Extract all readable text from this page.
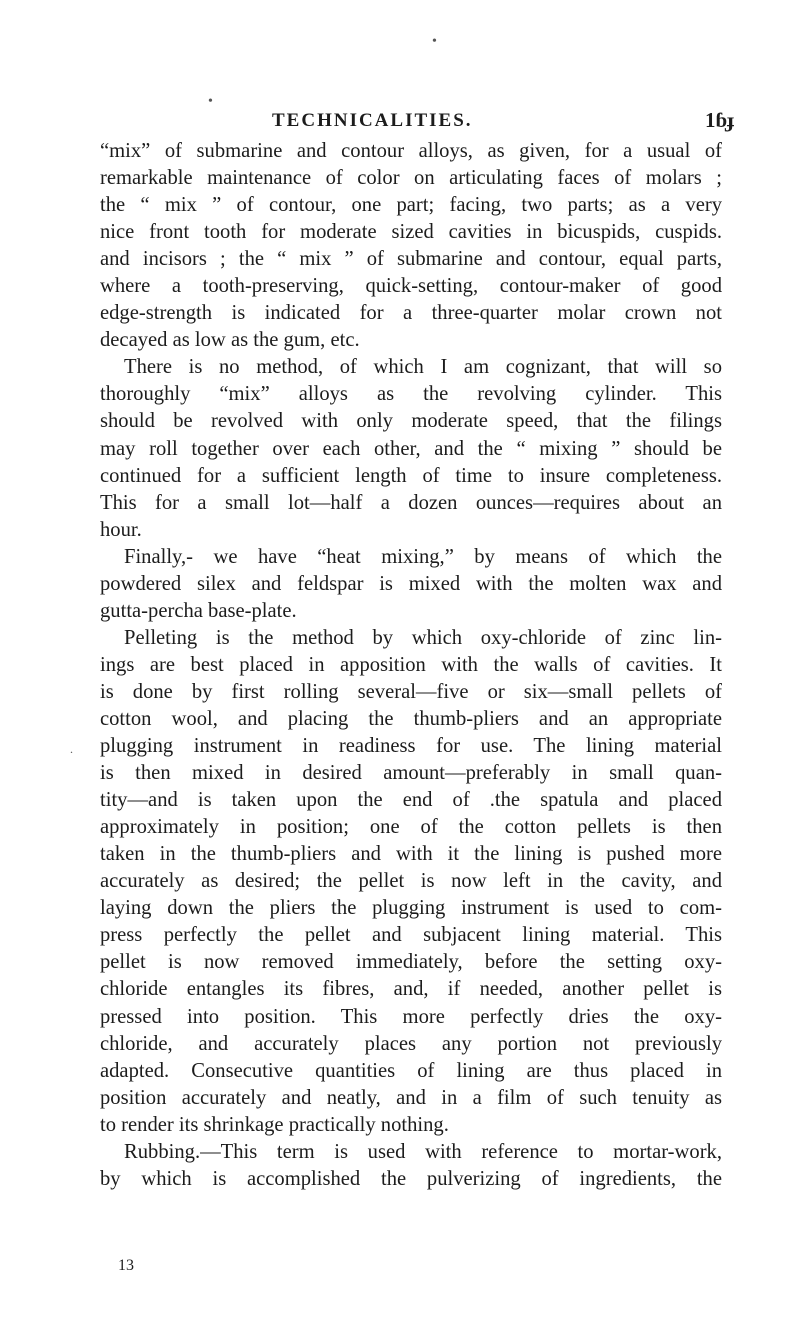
•
•
TECHNICALITIES.	1ɓɟ
“mix” of submarine and contour alloys, as given, for a usual of
remarkable maintenance of color on articulating faces of molars ;
the “ mix ” of contour, one part; facing, two parts; as a very
nice front tooth for moderate sized cavities in bicuspids, cuspids.
and incisors ; the “ mix ” of submarine and contour, equal parts,
where a tooth-preserving, quick-setting, contour-maker of good
edge-strength is indicated for a three-quarter molar crown not
decayed as low as the gum, etc.
There is no method, of which I am cognizant, that will so
thoroughly “mix” alloys as the revolving cylinder. This
should be revolved with only moderate speed, that the filings
may roll together over each other, and the “ mixing ” should be
continued for a sufficient length of time to insure completeness.
This for a small lot—half a dozen ounces—requires about an
hour.
Finally,- we have “heat mixing,” by means of which the
powdered silex and feldspar is mixed with the molten wax and
gutta-percha base-plate.
Pelleting is the method by which oxy-chloride of zinc lin-
ings are best placed in apposition with the walls of cavities. It
is done by first rolling several—five or six—small pellets of
cotton wool, and placing the thumb-pliers and an appropriate
plugging instrument in readiness for use. The lining material
is then mixed in desired amount—preferably in small quan-
tity—and is taken upon the end of .the spatula and placed
approximately in position; one of the cotton pellets is then
taken in the thumb-pliers and with it the lining is pushed more
accurately as desired; the pellet is now left in the cavity, and
laying down the pliers the plugging instrument is used to com-
press perfectly the pellet and subjacent lining material. This
pellet is now removed immediately, before the setting oxy-
chloride entangles its fibres, and, if needed, another pellet is
pressed into position. This more perfectly dries the oxy-
chloride, and accurately places any portion not previously
adapted. Consecutive quantities of lining are thus placed in
position accurately and neatly, and in a film of such tenuity as
to render its shrinkage practically nothing.
Rubbing.—This term is used with reference to mortar-work,
by which is accomplished the pulverizing of ingredients, the
.
13
